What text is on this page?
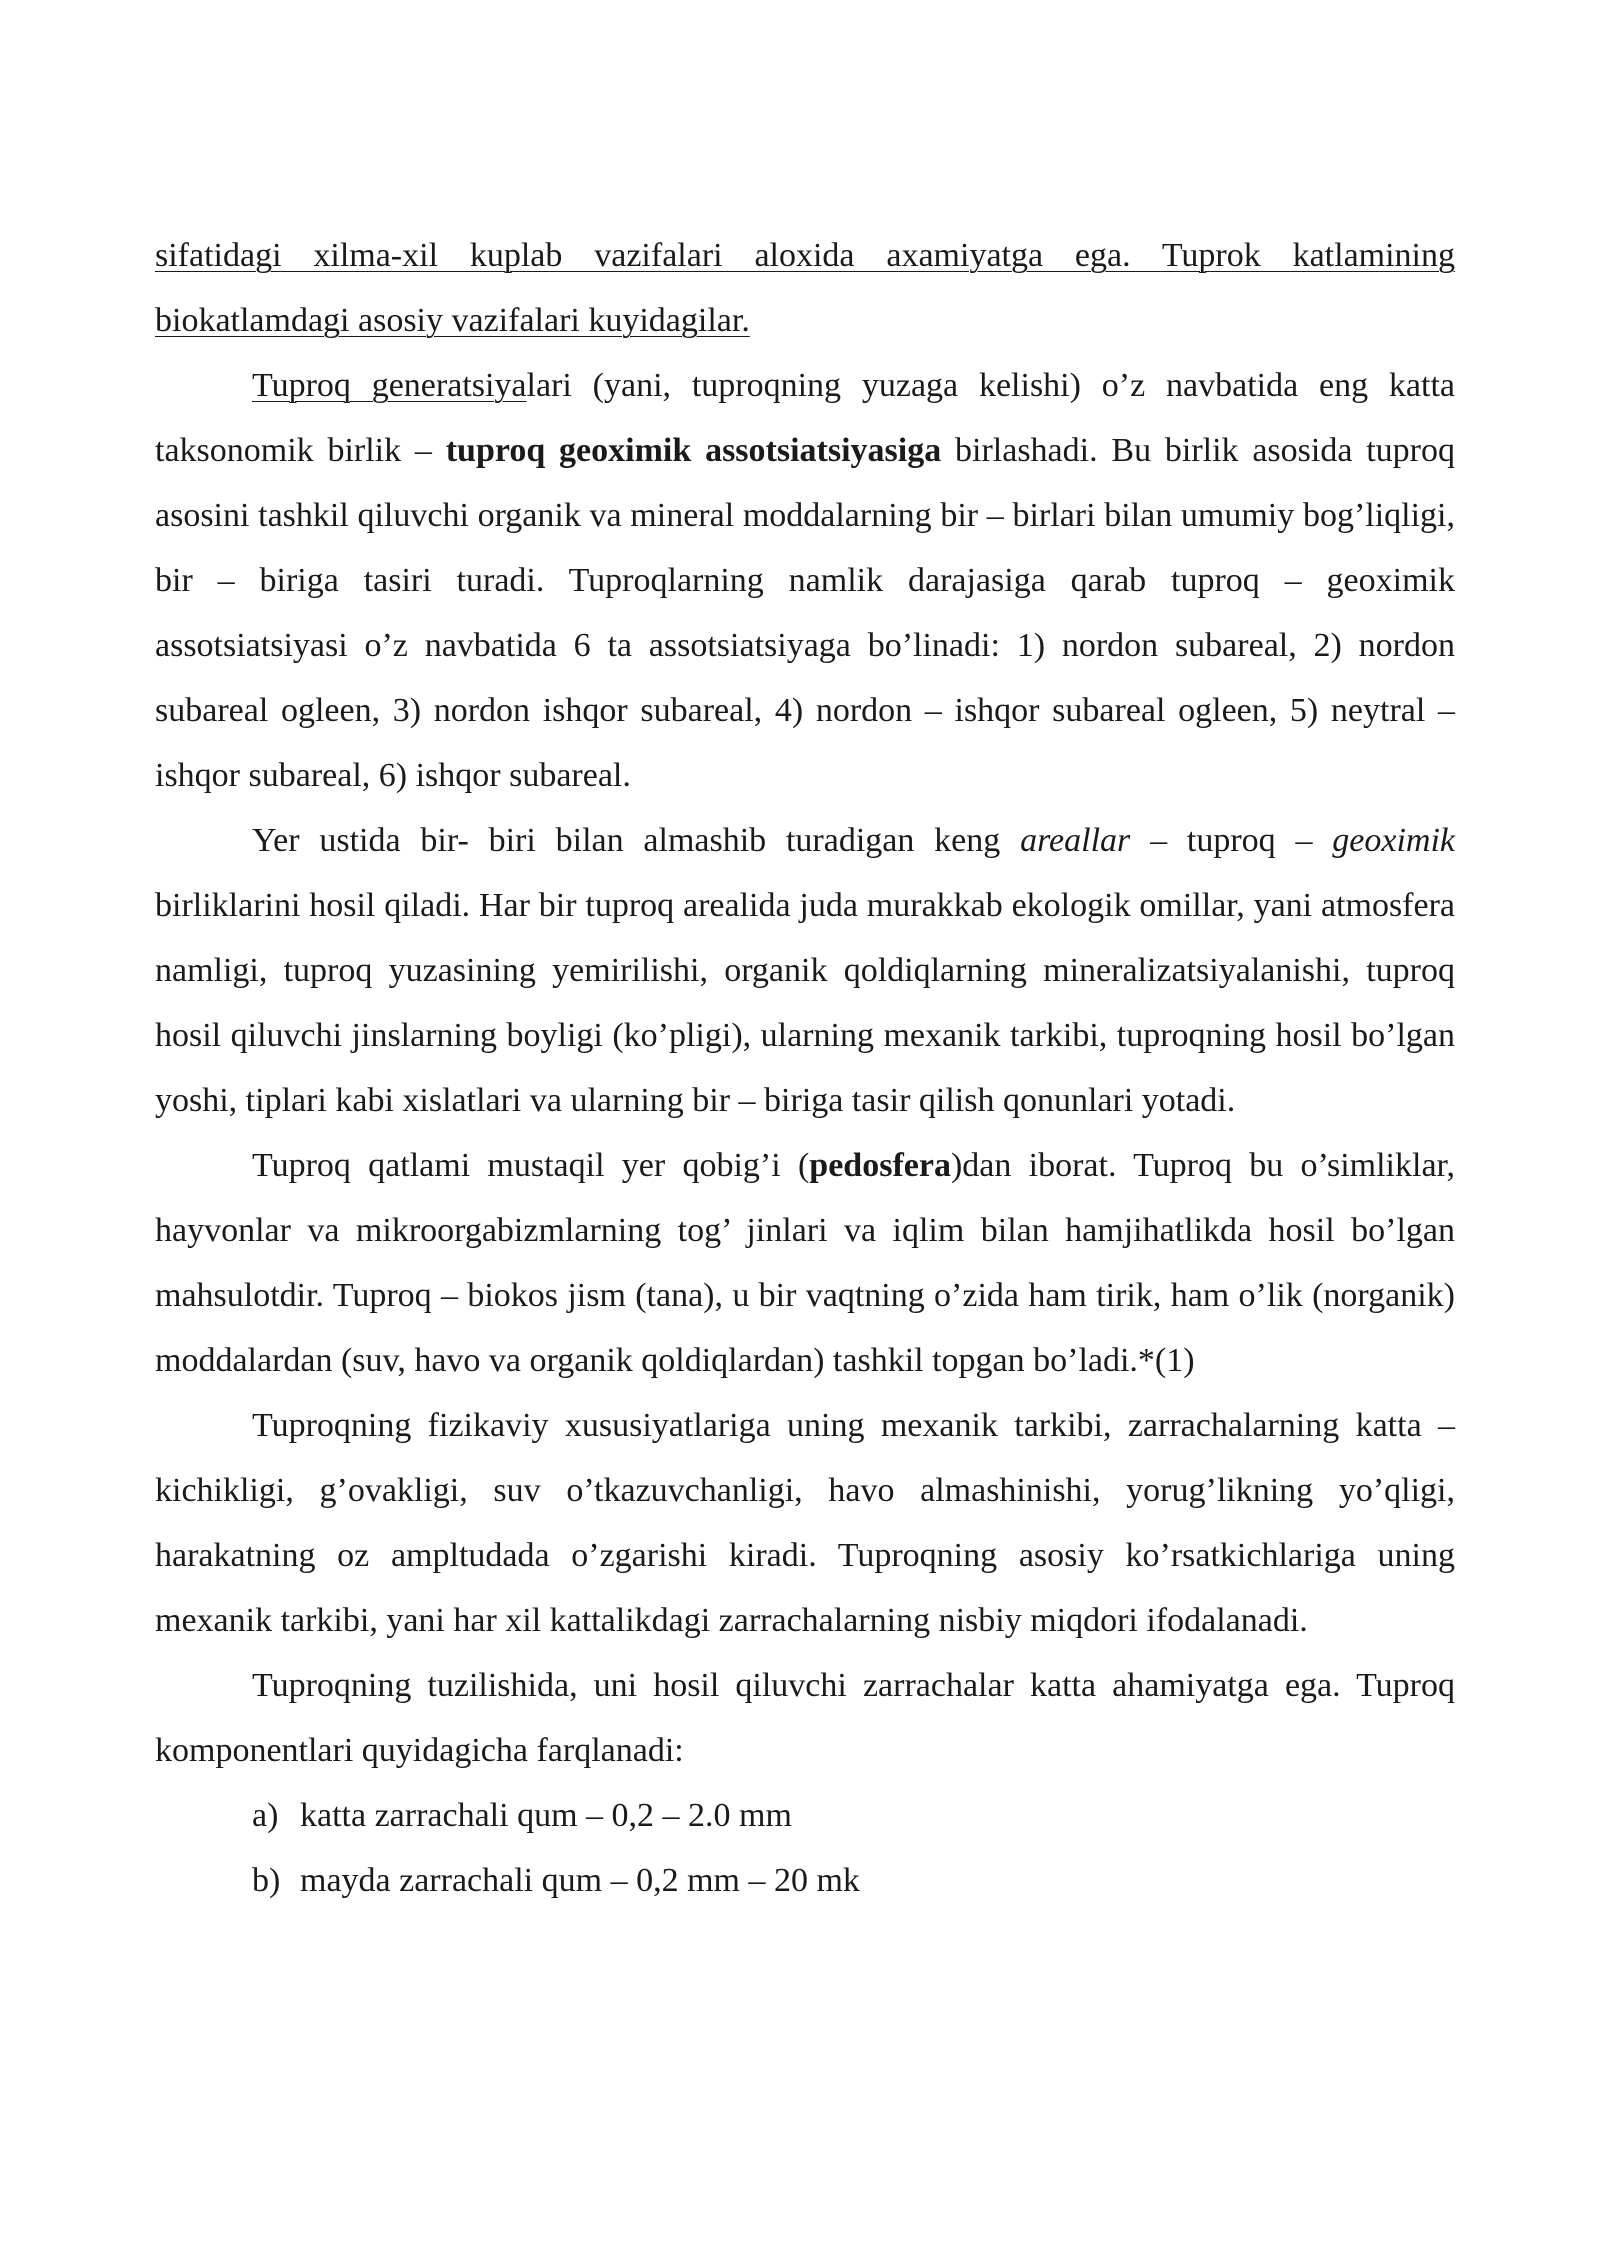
sifatidagi xilma-xil kuplab vazifalari aloxida axamiyatga ega. Tuprok katlamining biokatlamdagi asosiy vazifalari kuyidagilar.

Tuproq generatsiyalari (yani, tuproqning yuzaga kelishi) o’z navbatida eng katta taksonomik birlik – tuproq geoximik assotsiatsiyasiga birlashadi. Bu birlik asosida tuproq asosini tashkil qiluvchi organik va mineral moddalarning bir – birlari bilan umumiy bog’liqligi, bir – biriga tasiri turadi. Tuproqlarning namlik darajasiga qarab tuproq – geoximik assotsiatsiyasi o’z navbatida 6 ta assotsiatsiyaga bo’linadi: 1) nordon subareal, 2) nordon subareal ogleen, 3) nordon ishqor subareal, 4) nordon – ishqor subareal ogleen, 5) neytral –ishqor subareal, 6) ishqor subareal.

Yer ustida bir- biri bilan almashib turadigan keng areallar – tuproq – geoximik birliklarini hosil qiladi. Har bir tuproq arealida juda murakkab ekologik omillar, yani atmosfera namligi, tuproq yuzasining yemirilishi, organik qoldiqlarning mineralizatsiyalanishi, tuproq hosil qiluvchi jinslarning boyligi (ko’pligi), ularning mexanik tarkibi, tuproqning hosil bo’lgan yoshi, tiplari kabi xislatlari va ularning bir – biriga tasir qilish qonunlari yotadi.

Tuproq qatlami mustaqil yer qobig’i (pedosfera)dan iborat. Tuproq bu o’simliklar, hayvonlar va mikroorgabizmlarning tog’ jinlari va iqlim bilan hamjihatlikda hosil bo’lgan mahsulotdir. Tuproq – biokos jism (tana), u bir vaqtning o’zida ham tirik, ham o’lik (norganik) moddalardan (suv, havo va organik qoldiqlardan) tashkil topgan bo’ladi.*(1)

Tuproqning fizikaviy xususiyatlariga uning mexanik tarkibi, zarrachalarning katta – kichikligi, g’ovakligi, suv o’tkazuvchanligi, havo almashinishi, yorug’likning yo’qligi, harakatning oz ampltudada o’zgarishi kiradi. Tuproqning asosiy ko’rsatkichlariga uning mexanik tarkibi, yani har xil kattalikdagi zarrachalarning nisbiy miqdori ifodalanadi.

Tuproqning tuzilishida, uni hosil qiluvchi zarrachalar katta ahamiyatga ega. Tuproq komponentlari quyidagicha farqlanadi:

a) katta zarrachali qum – 0,2 – 2.0 mm
b) mayda zarrachali qum – 0,2 mm – 20 mk
